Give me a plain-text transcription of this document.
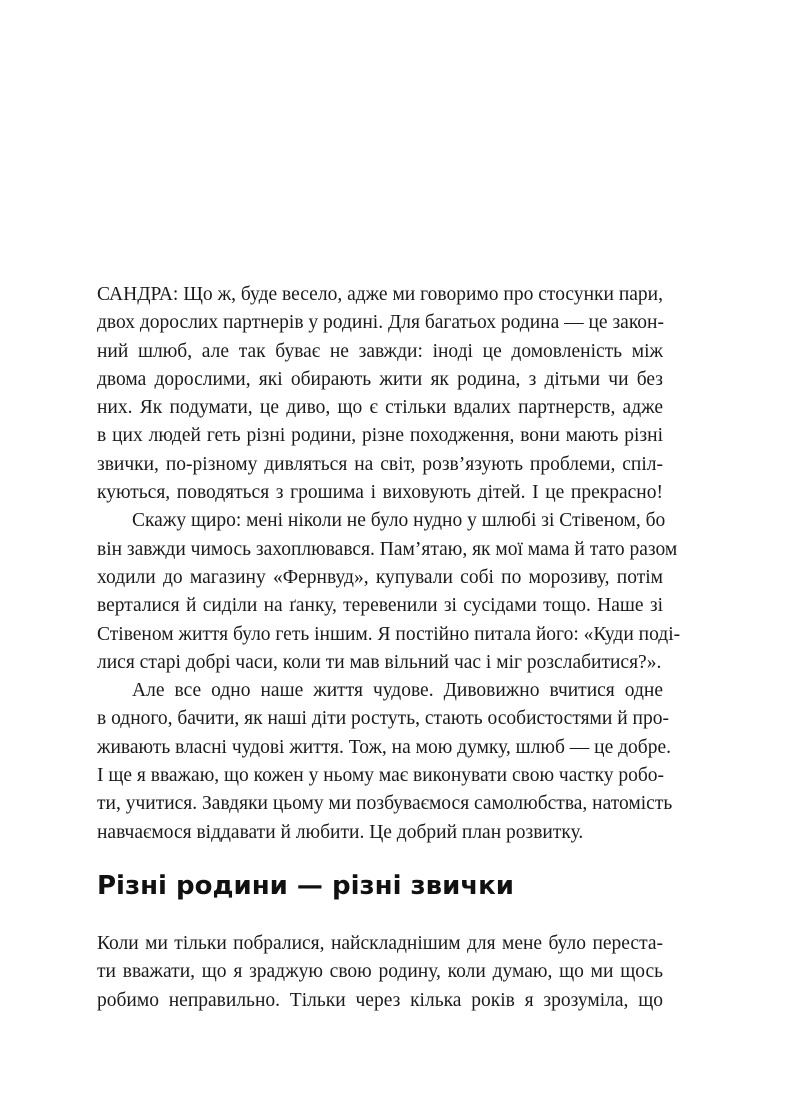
САНДРА: Що ж, буде весело, адже ми говоримо про стосунки пари,
двох дорослих партнерів у родині. Для багатьох родина — це закон-
ний шлюб, але так буває не завжди: іноді це домовленість між
двома дорослими, які обирають жити як родина, з дітьми чи без
них. Як подумати, це диво, що є стільки вдалих партнерств, адже
в цих людей геть різні родини, різне походження, вони мають різні
звички, по-різному дивляться на світ, розв’язують проблеми, спіл-
куються, поводяться з грошима і виховують дітей. І це прекрасно!

Скажу щиро: мені ніколи не було нудно у шлюбі зі Стівеном, бо
він завжди чимось захоплювався. Пам’ятаю, як мої мама й тато разом
ходили до магазину «Фернвуд», купували собі по морозиву, потім
верталися й сиділи на ґанку, теревенили зі сусідами тощо. Наше зі
Стівеном життя було геть іншим. Я постійно питала його: «Куди поді-
лися старі добрі часи, коли ти мав вільний час і міг розслабитися?».

Але все одно наше життя чудове. Дивовижно вчитися одне
в одного, бачити, як наші діти ростуть, стають особистостями й про-
живають власні чудові життя. Тож, на мою думку, шлюб — це добре.
І ще я вважаю, що кожен у ньому має виконувати свою частку робо-
ти, учитися. Завдяки цьому ми позбуваємося самолюбства, натомість
навчаємося віддавати й любити. Це добрий план розвитку.

Різні родини — різні звички

Коли ми тільки побралися, найскладнішим для мене було переста-
ти вважати, що я зраджую свою родину, коли думаю, що ми щось
робимо неправильно. Тільки через кілька років я зрозуміла, що
